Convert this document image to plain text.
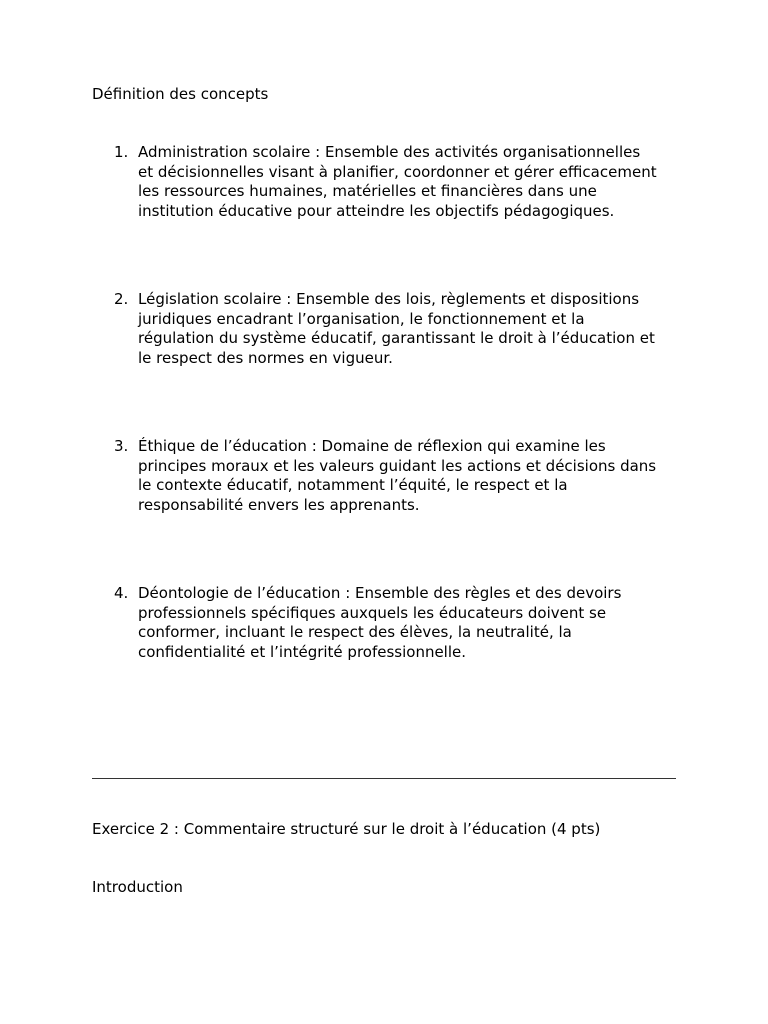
Définition des concepts

1. Administration scolaire : Ensemble des activités organisationnelles
et décisionnelles visant à planifier, coordonner et gérer efficacement
les ressources humaines, matérielles et financières dans une
institution éducative pour atteindre les objectifs pédagogiques.
2. Législation scolaire : Ensemble des lois, règlements et dispositions
juridiques encadrant l’organisation, le fonctionnement et la
régulation du système éducatif, garantissant le droit à l’éducation et
le respect des normes en vigueur.
3. Éthique de l’éducation : Domaine de réflexion qui examine les
principes moraux et les valeurs guidant les actions et décisions dans
le contexte éducatif, notamment l’équité, le respect et la
responsabilité envers les apprenants.
4. Déontologie de l’éducation : Ensemble des règles et des devoirs
professionnels spécifiques auxquels les éducateurs doivent se
conformer, incluant le respect des élèves, la neutralité, la
confidentialité et l’intégrité professionnelle.

Exercice 2 : Commentaire structuré sur le droit à l’éducation (4 pts)

Introduction
